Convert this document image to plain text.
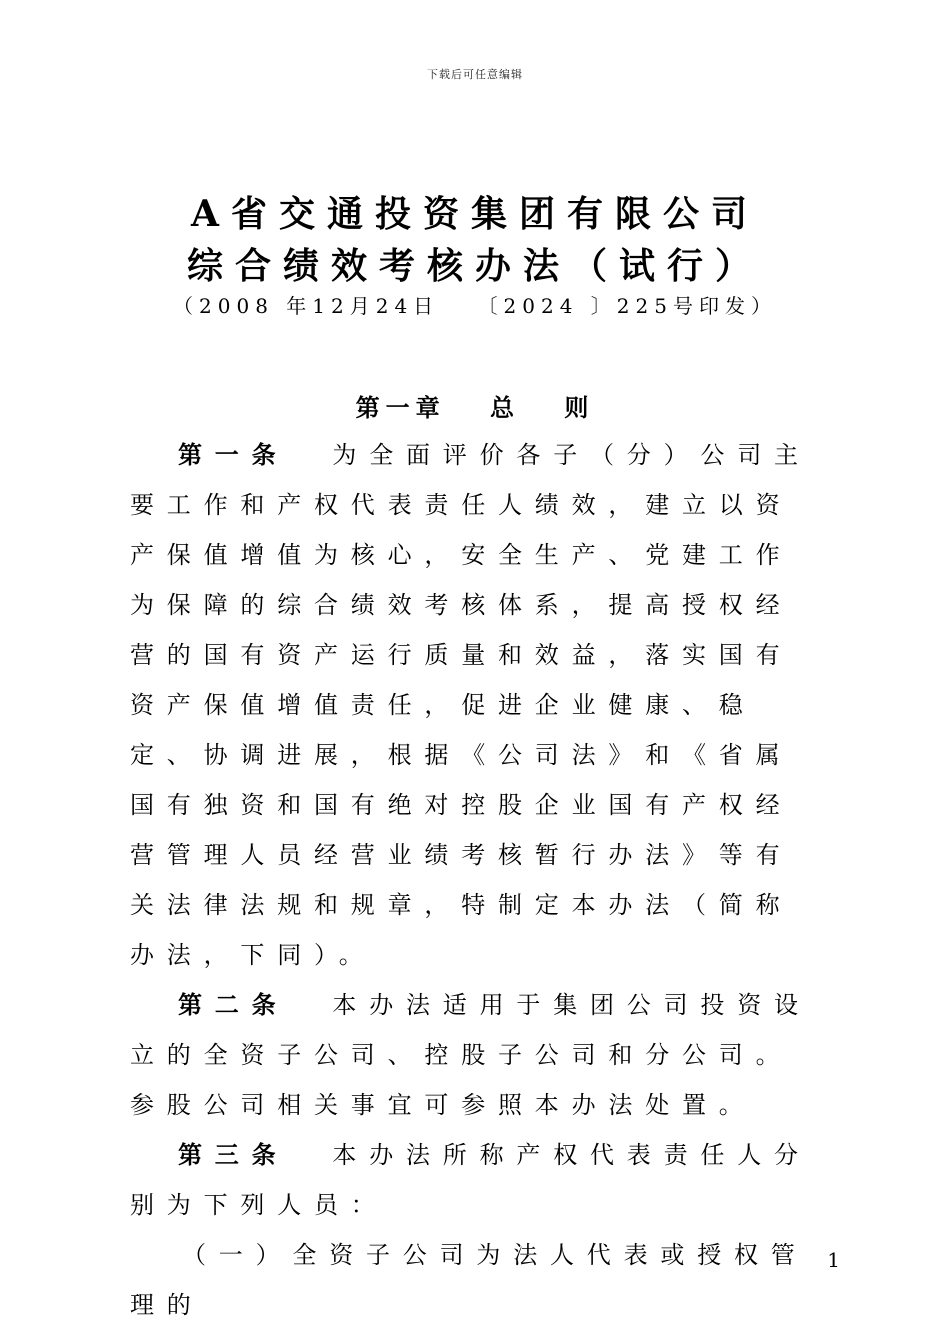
下载后可任意编辑
A省交通投资集团有限公司
综合绩效考核办法（试行）
（2008 年12月24日　 〔2024 〕225号印发）
第一章　 总　 则

第一条 为全面评价各子（分）公司主要工作和产权代表责任人绩效，建立以资产保值增值为核心，安全生产、党建工作为保障的综合绩效考核体系，提高授权经营的国有资产运行质量和效益，落实国有资产保值增值责任，促进企业健康、稳定、协调进展，根据《公司法》和《省属国有独资和国有绝对控股企业国有产权经营管理人员经营业绩考核暂行办法》等有关法律法规和规章，特制定本办法（简称办法，下同）。

第二条 本办法适用于集团公司投资设立的全资子公司、控股子公司和分公司。参股公司相关事宜可参照本办法处置。

第三条 本办法所称产权代表责任人分别为下列人员：

（一）全资子公司为法人代表或授权管理的

1
